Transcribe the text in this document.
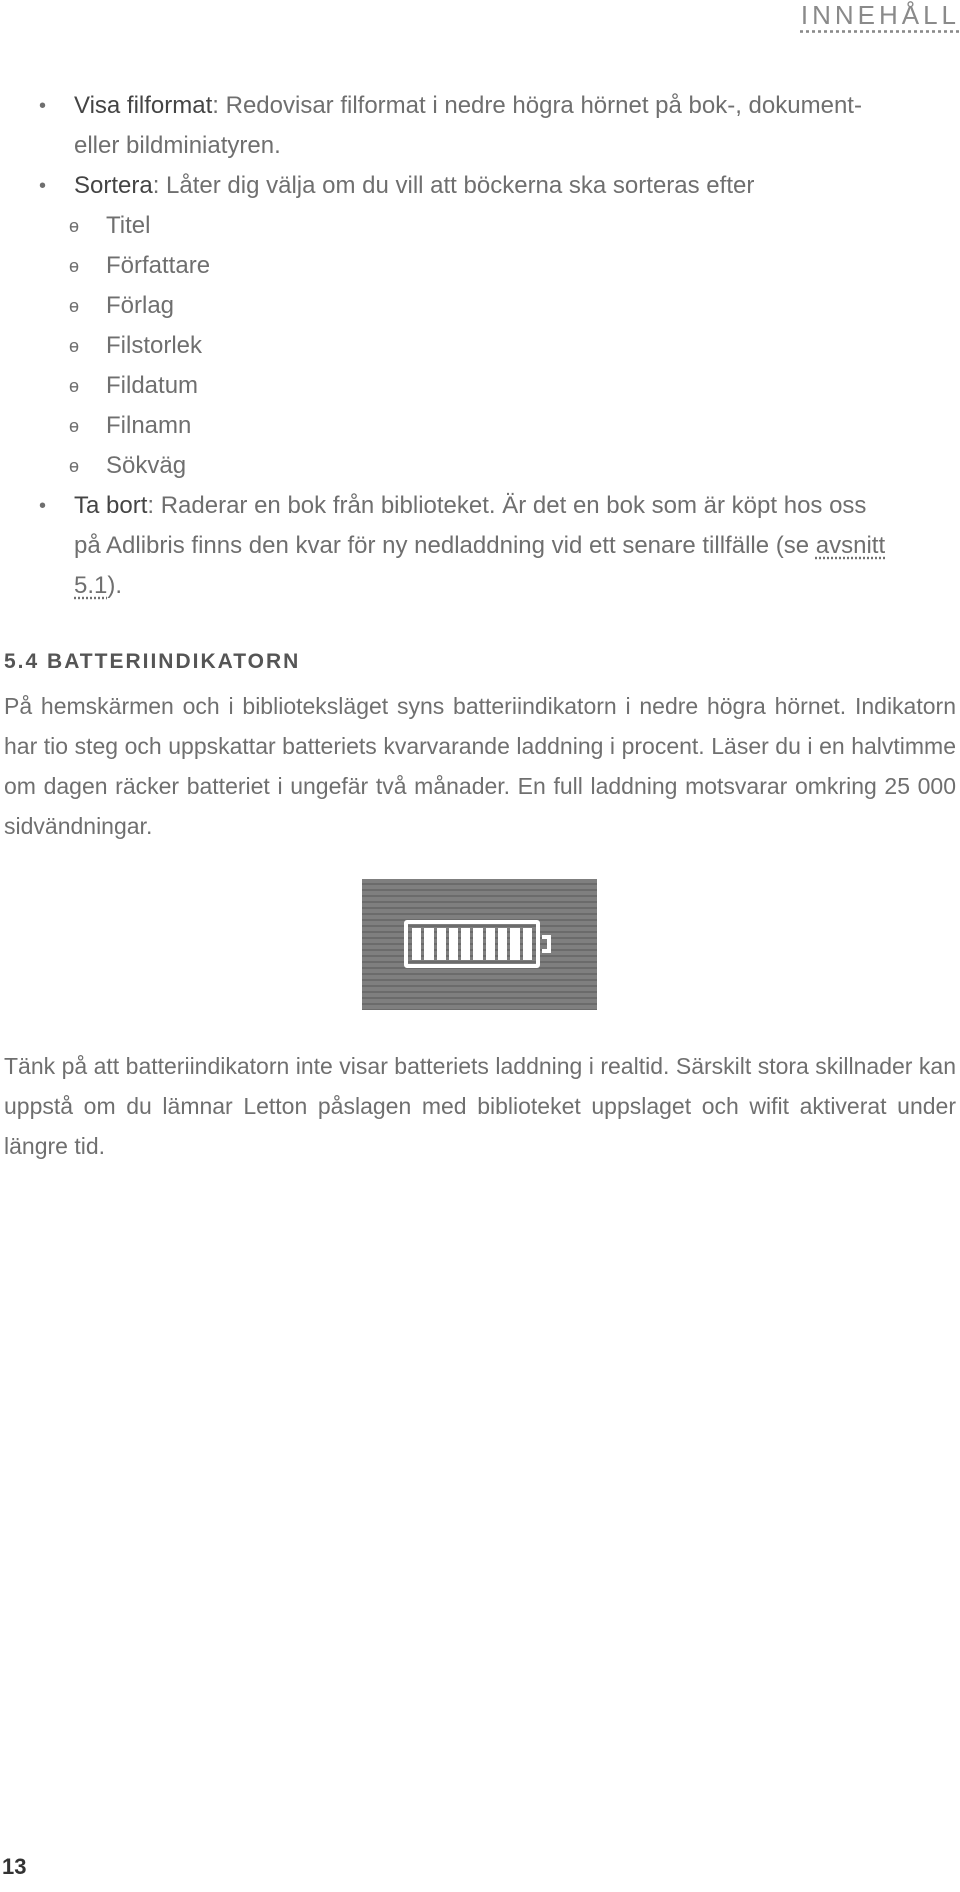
INNEHÅLL
• Visa filformat: Redovisar filformat i nedre högra hörnet på bok-, dokument- eller bildminiatyren.
• Sortera: Låter dig välja om du vill att böckerna ska sorteras efter
ɵ Titel
ɵ Författare
ɵ Förlag
ɵ Filstorlek
ɵ Fildatum
ɵ Filnamn
ɵ Sökväg
• Ta bort: Raderar en bok från biblioteket. Är det en bok som är köpt hos oss på Adlibris finns den kvar för ny nedladdning vid ett senare tillfälle (se avsnitt 5.1).
5.4 BATTERIINDIKATORN

På hemskärmen och i biblioteksläget syns batteriindikatorn i nedre högra hörnet. Indikatorn har tio steg och uppskattar batteriets kvarvarande laddning i procent. Läser du i en halvtimme om dagen räcker batteriet i ungefär två månader. En full laddning motsvarar omkring 25 000 sidvändningar.

Tänk på att batteriindikatorn inte visar batteriets laddning i realtid. Särskilt stora skillnader kan uppstå om du lämnar Letton påslagen med biblioteket uppslaget och wifit aktiverat under längre tid.

13
